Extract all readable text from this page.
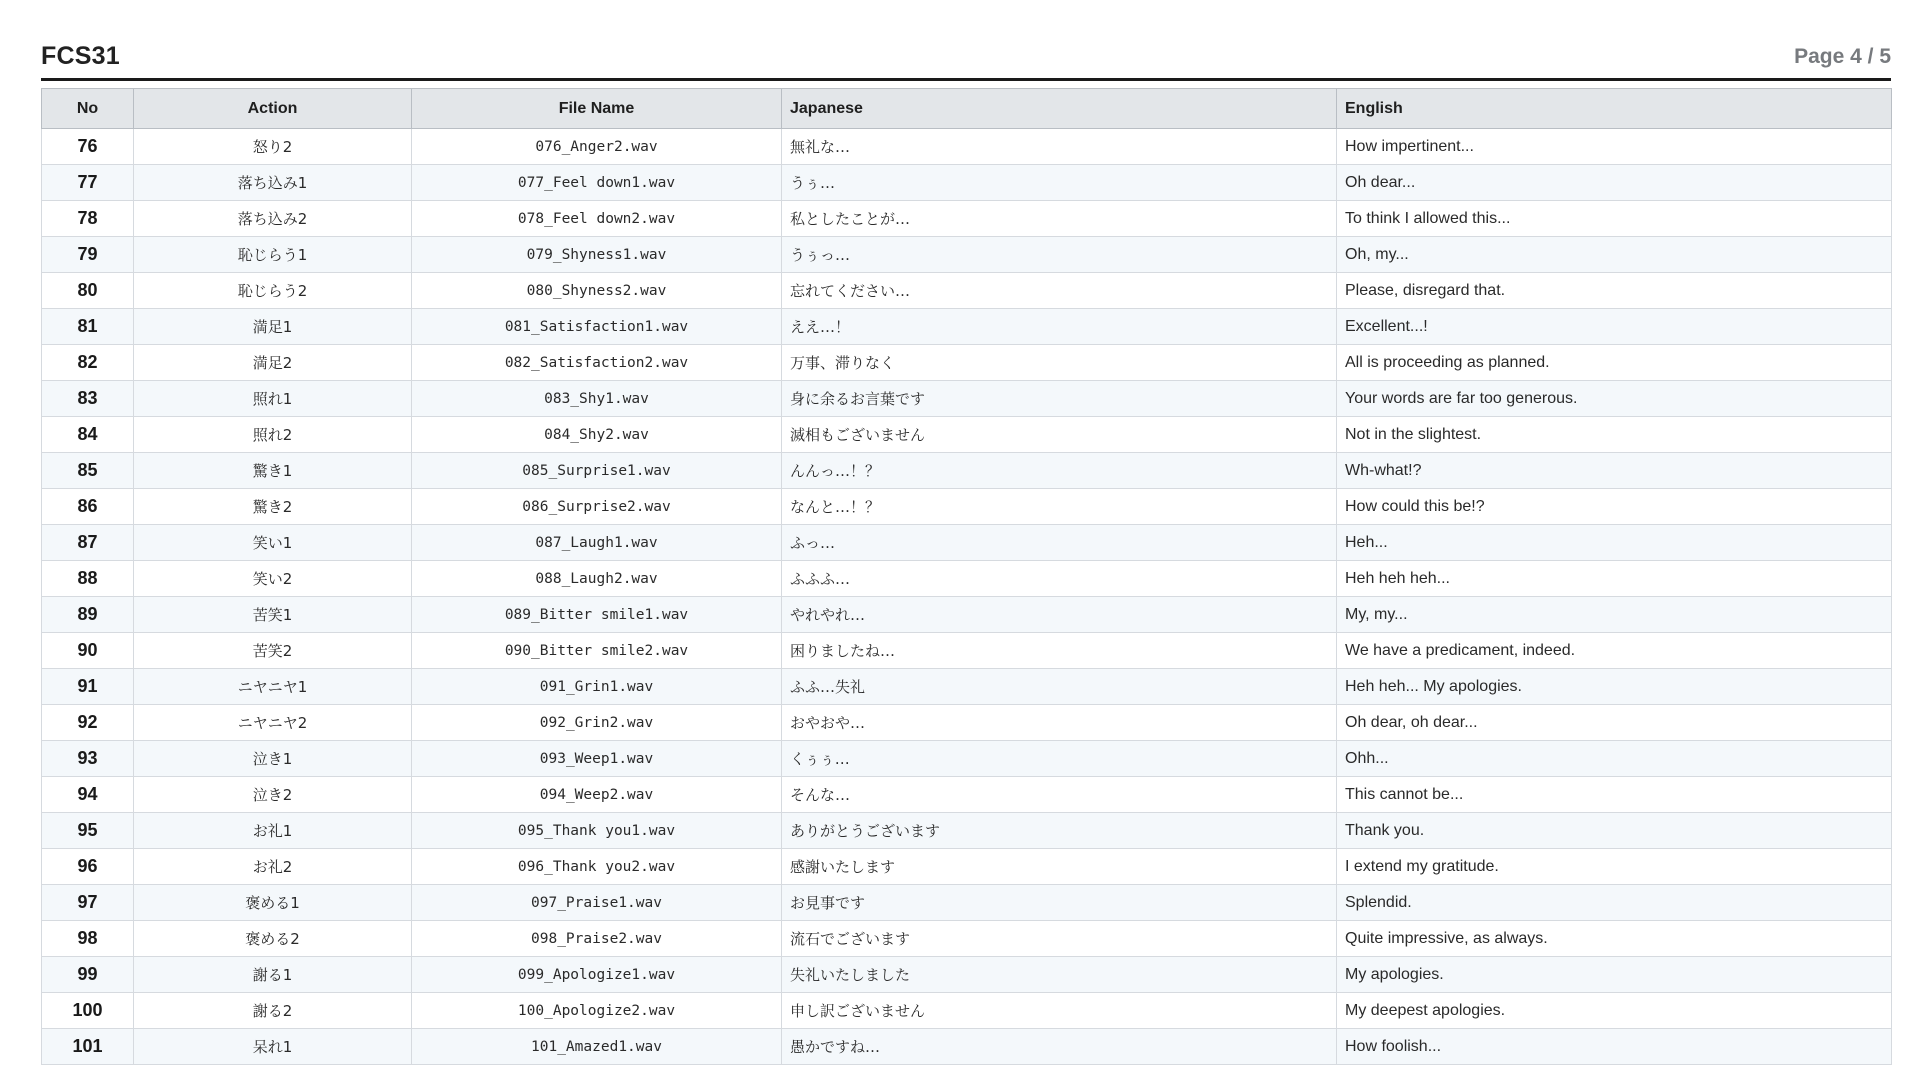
FCS31	Page 4 / 5
No	Action	File Name	Japanese	English
76	怒り2	076_Anger2.wav	無礼な…	How impertinent...
77	落ち込み1	077_Feel down1.wav	うぅ…	Oh dear...
78	落ち込み2	078_Feel down2.wav	私としたことが…	To think I allowed this...
79	恥じらう1	079_Shyness1.wav	うぅっ…	Oh, my...
80	恥じらう2	080_Shyness2.wav	忘れてください…	Please, disregard that.
81	満足1	081_Satisfaction1.wav	ええ…！	Excellent...!
82	満足2	082_Satisfaction2.wav	万事、滞りなく	All is proceeding as planned.
83	照れ1	083_Shy1.wav	身に余るお言葉です	Your words are far too generous.
84	照れ2	084_Shy2.wav	滅相もございません	Not in the slightest.
85	驚き1	085_Surprise1.wav	んんっ…！？	Wh-what!?
86	驚き2	086_Surprise2.wav	なんと…！？	How could this be!?
87	笑い1	087_Laugh1.wav	ふっ…	Heh...
88	笑い2	088_Laugh2.wav	ふふふ…	Heh heh heh...
89	苦笑1	089_Bitter smile1.wav	やれやれ…	My, my...
90	苦笑2	090_Bitter smile2.wav	困りましたね…	We have a predicament, indeed.
91	ニヤニヤ1	091_Grin1.wav	ふふ…失礼	Heh heh... My apologies.
92	ニヤニヤ2	092_Grin2.wav	おやおや…	Oh dear, oh dear...
93	泣き1	093_Weep1.wav	くぅぅ…	Ohh...
94	泣き2	094_Weep2.wav	そんな…	This cannot be...
95	お礼1	095_Thank you1.wav	ありがとうございます	Thank you.
96	お礼2	096_Thank you2.wav	感謝いたします	I extend my gratitude.
97	褒める1	097_Praise1.wav	お見事です	Splendid.
98	褒める2	098_Praise2.wav	流石でございます	Quite impressive, as always.
99	謝る1	099_Apologize1.wav	失礼いたしました	My apologies.
100	謝る2	100_Apologize2.wav	申し訳ございません	My deepest apologies.
101	呆れ1	101_Amazed1.wav	愚かですね…	How foolish...
